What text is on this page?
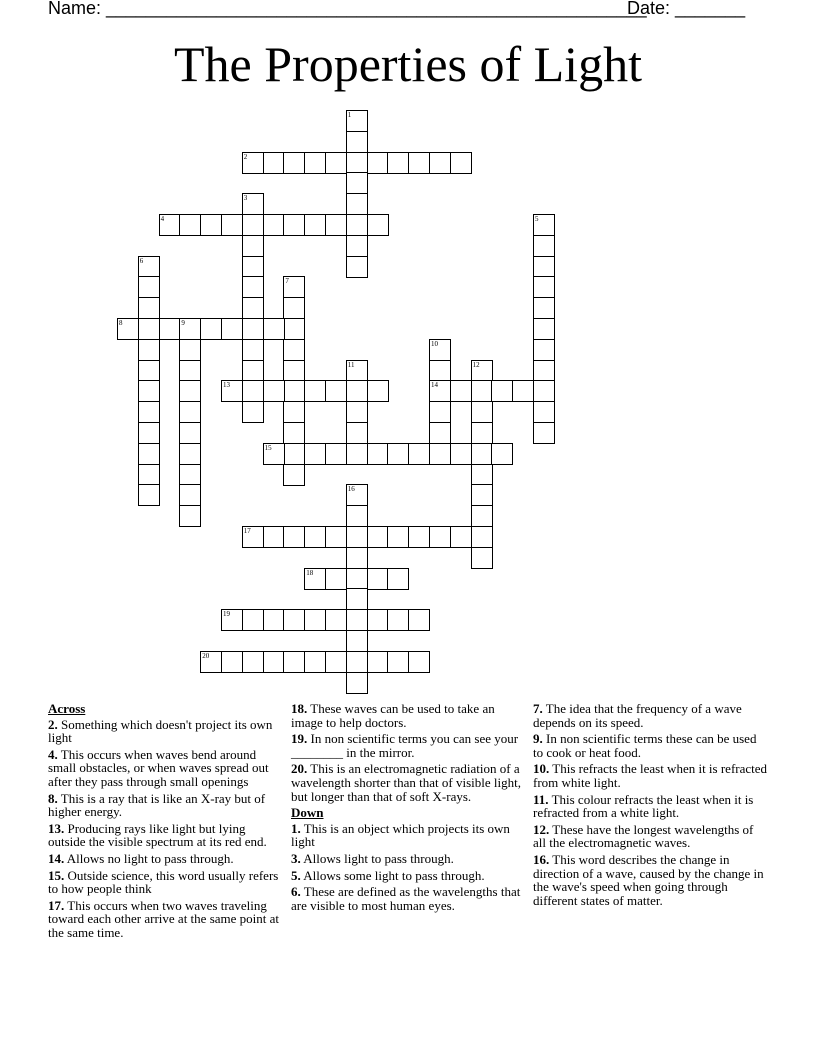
Name: ______________________________________________________
Date: _______
The Properties of Light
1
2
3
4	5
6
7
8	9
10
14
11	12
13
15
16
17
18
19
20
Across
2. Something which doesn't project its own light
4. This occurs when waves bend around small obstacles, or when waves spread out after they pass through small openings
8. This is a ray that is like an X-ray but of higher energy.
13. Producing rays like light but lying outside the visible spectrum at its red end.
14. Allows no light to pass through.
15. Outside science, this word usually refers to how people think
17. This occurs when two waves traveling toward each other arrive at the same point at the same time.
18. These waves can be used to take an image to help doctors.
19. In non scientific terms you can see your ________ in the mirror.
20. This is an electromagnetic radiation of a wavelength shorter than that of visible light, but longer than that of soft X-rays.
Down
1. This is an object which projects its own light
3. Allows light to pass through.
5. Allows some light to pass through.
6. These are defined as the wavelengths that are visible to most human eyes.
7. The idea that the frequency of a wave depends on its speed.
9. In non scientific terms these can be used to cook or heat food.
10. This refracts the least when it is refracted from white light.
11. This colour refracts the least when it is refracted from a white light.
12. These have the longest wavelengths of all the electromagnetic waves.
16. This word describes the change in direction of a wave, caused by the change in the wave's speed when going through different states of matter.
